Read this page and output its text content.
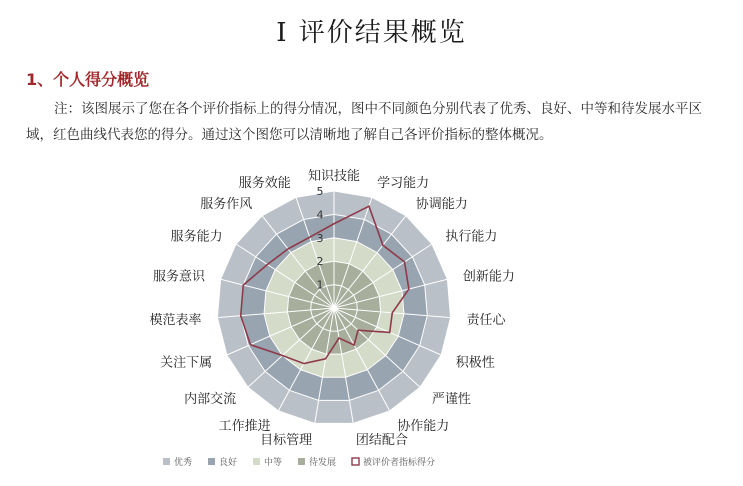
I 评价结果概览
1、个人得分概览
注：该图展示了您在各个评价指标上的得分情况，图中不同颜色分别代表了优秀、良好、中等和待发展水平区域，红色曲线代表您的得分。通过这个图您可以清晰地了解自己各评价指标的整体概况。
1
2
3
4
5
知识技能 学习能力
协调能力
执行能力
创新能力
责任心
积极性
严谨性
协作能力
团结配合
目标管理
工作推进
内部交流
关注下属
模范表率
服务意识
服务能力
服务作风
服务效能
优秀	良好	中等	待发展	被评价者指标得分
